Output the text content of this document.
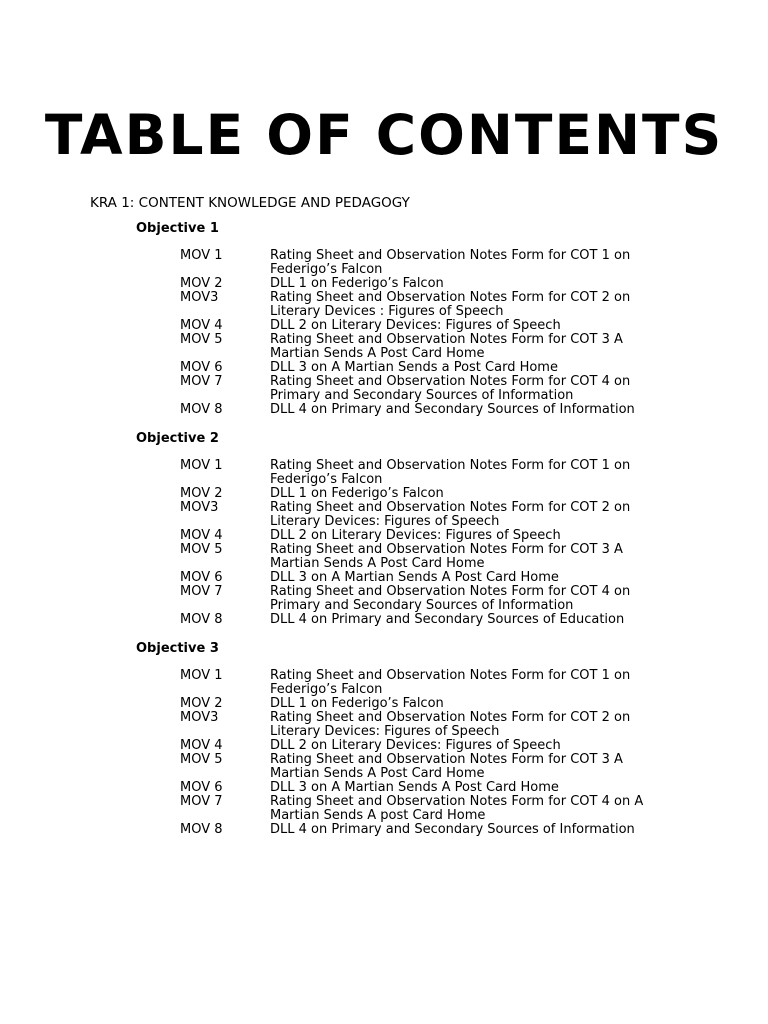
TABLE OF CONTENTS
KRA 1: CONTENT KNOWLEDGE AND PEDAGOGY
Objective 1
MOV 1	Rating Sheet and Observation Notes Form for COT 1 on Federigo’s Falcon
MOV 2	DLL 1 on Federigo’s Falcon
MOV3	Rating Sheet and Observation Notes Form for COT 2 on Literary Devices : Figures of Speech
MOV 4	DLL 2 on Literary Devices: Figures of Speech
MOV 5	Rating Sheet and Observation Notes Form for COT 3 A Martian Sends A Post Card Home
MOV 6	DLL 3 on A Martian Sends a Post Card Home
MOV 7	Rating Sheet and Observation Notes Form for COT 4 on Primary and Secondary Sources of Information
MOV 8	DLL 4 on Primary and Secondary Sources of Information
Objective 2
MOV 1	Rating Sheet and Observation Notes Form for COT 1 on Federigo’s Falcon
MOV 2	DLL 1 on Federigo’s Falcon
MOV3	Rating Sheet and Observation Notes Form for COT 2 on Literary Devices: Figures of Speech
MOV 4	DLL 2 on Literary Devices: Figures of Speech
MOV 5	Rating Sheet and Observation Notes Form for COT 3 A Martian Sends A Post Card Home
MOV 6	DLL 3 on A Martian Sends A Post Card Home
MOV 7	Rating Sheet and Observation Notes Form for COT 4 on Primary and Secondary Sources of Information
MOV 8	DLL 4 on Primary and Secondary Sources of Education
Objective 3
MOV 1	Rating Sheet and Observation Notes Form for COT 1 on Federigo’s Falcon
MOV 2	DLL 1 on Federigo’s Falcon
MOV3	Rating Sheet and Observation Notes Form for COT 2 on Literary Devices: Figures of Speech
MOV 4	DLL 2 on Literary Devices: Figures of Speech
MOV 5	Rating Sheet and Observation Notes Form for COT 3 A Martian Sends A Post Card Home
MOV 6	DLL 3 on A Martian Sends A Post Card Home
MOV 7	Rating Sheet and Observation Notes Form for COT 4 on A Martian Sends A post Card Home
MOV 8	DLL 4 on Primary and Secondary Sources of Information
